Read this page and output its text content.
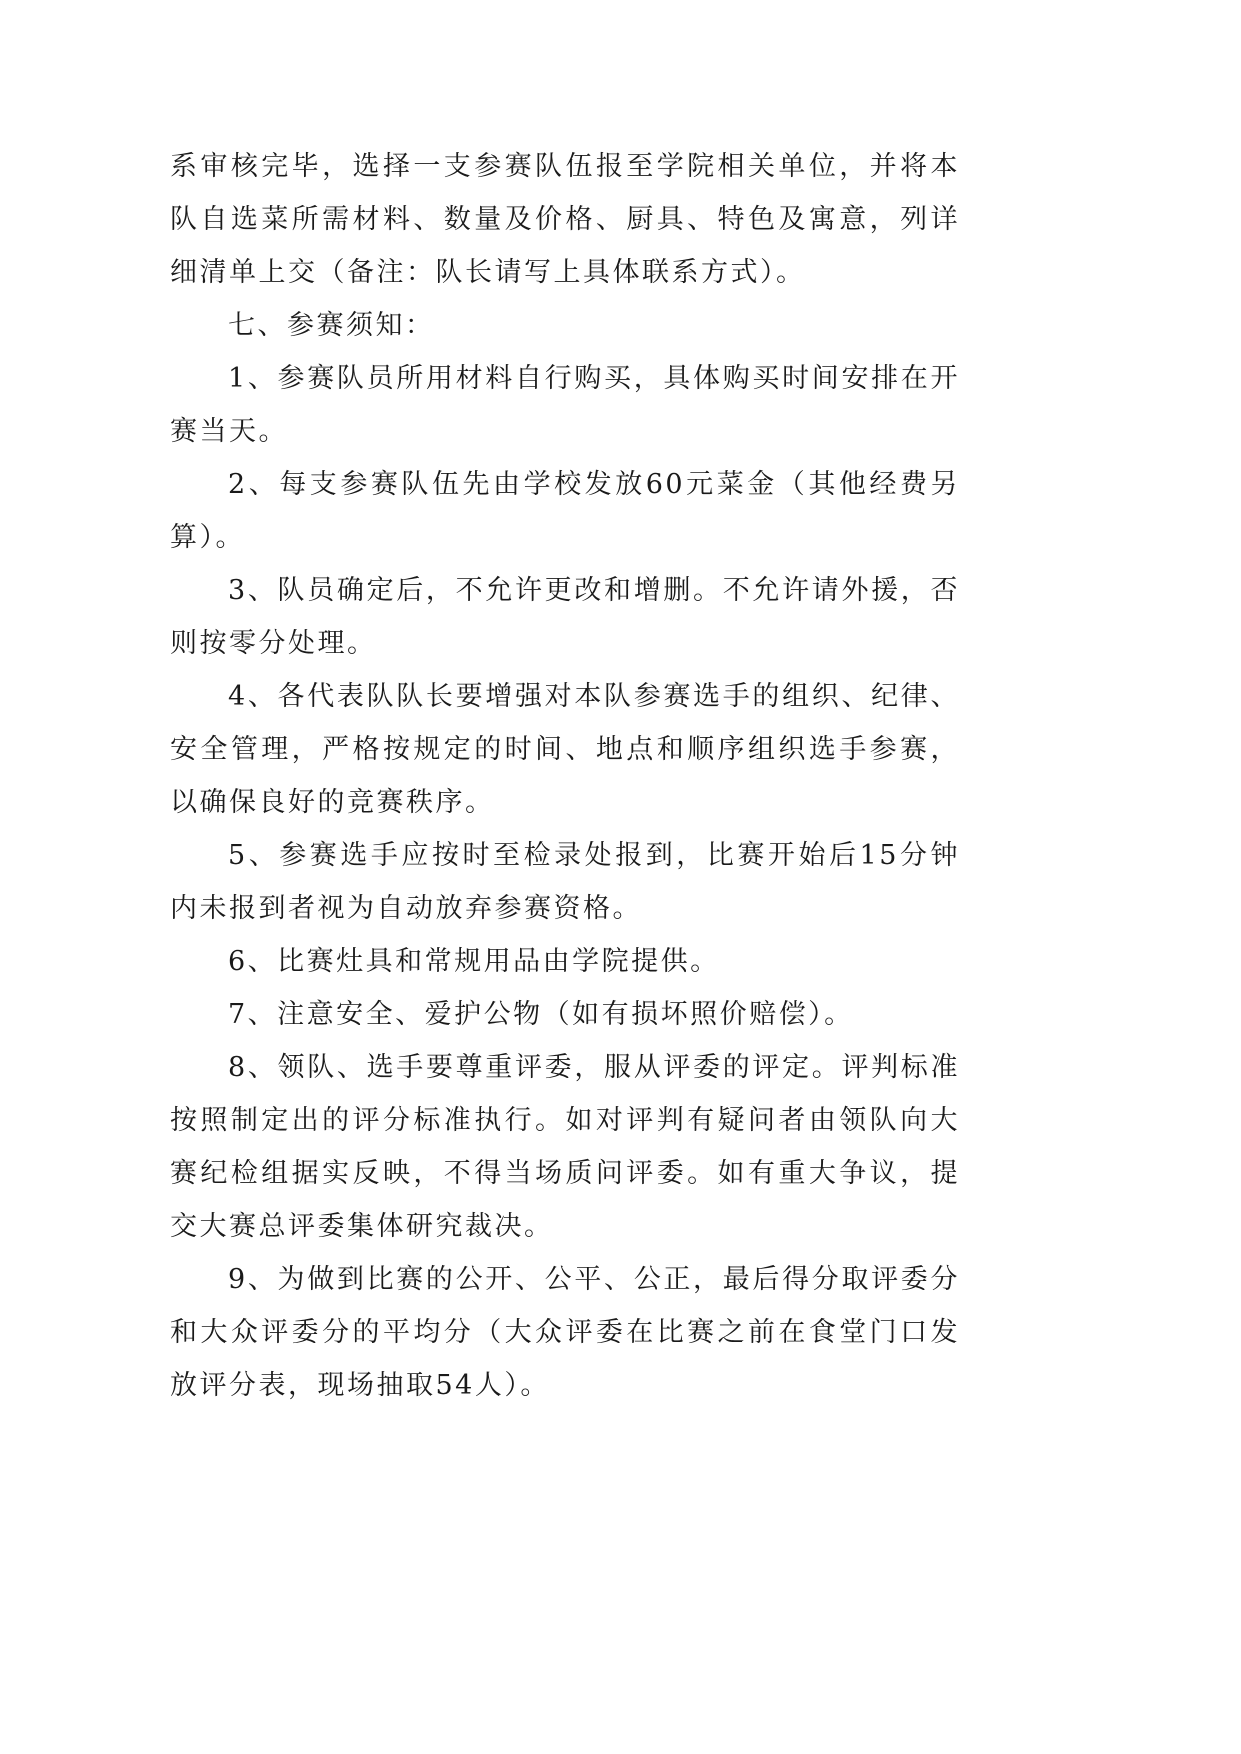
系审核完毕，选择一支参赛队伍报至学院相关单位，并将本队自选菜所需材料、数量及价格、厨具、特色及寓意，列详细清单上交（备注：队长请写上具体联系方式）。

七、参赛须知：

1、参赛队员所用材料自行购买，具体购买时间安排在开赛当天。

2、每支参赛队伍先由学校发放60元菜金（其他经费另算）。

3、队员确定后，不允许更改和增删。不允许请外援，否则按零分处理。

4、各代表队队长要增强对本队参赛选手的组织、纪律、安全管理，严格按规定的时间、地点和顺序组织选手参赛，以确保良好的竞赛秩序。

5、参赛选手应按时至检录处报到，比赛开始后15分钟内未报到者视为自动放弃参赛资格。

6、比赛灶具和常规用品由学院提供。

7、注意安全、爱护公物（如有损坏照价赔偿）。

8、领队、选手要尊重评委，服从评委的评定。评判标准按照制定出的评分标准执行。如对评判有疑问者由领队向大赛纪检组据实反映，不得当场质问评委。如有重大争议，提交大赛总评委集体研究裁决。

9、为做到比赛的公开、公平、公正，最后得分取评委分和大众评委分的平均分（大众评委在比赛之前在食堂门口发放评分表，现场抽取54人）。
